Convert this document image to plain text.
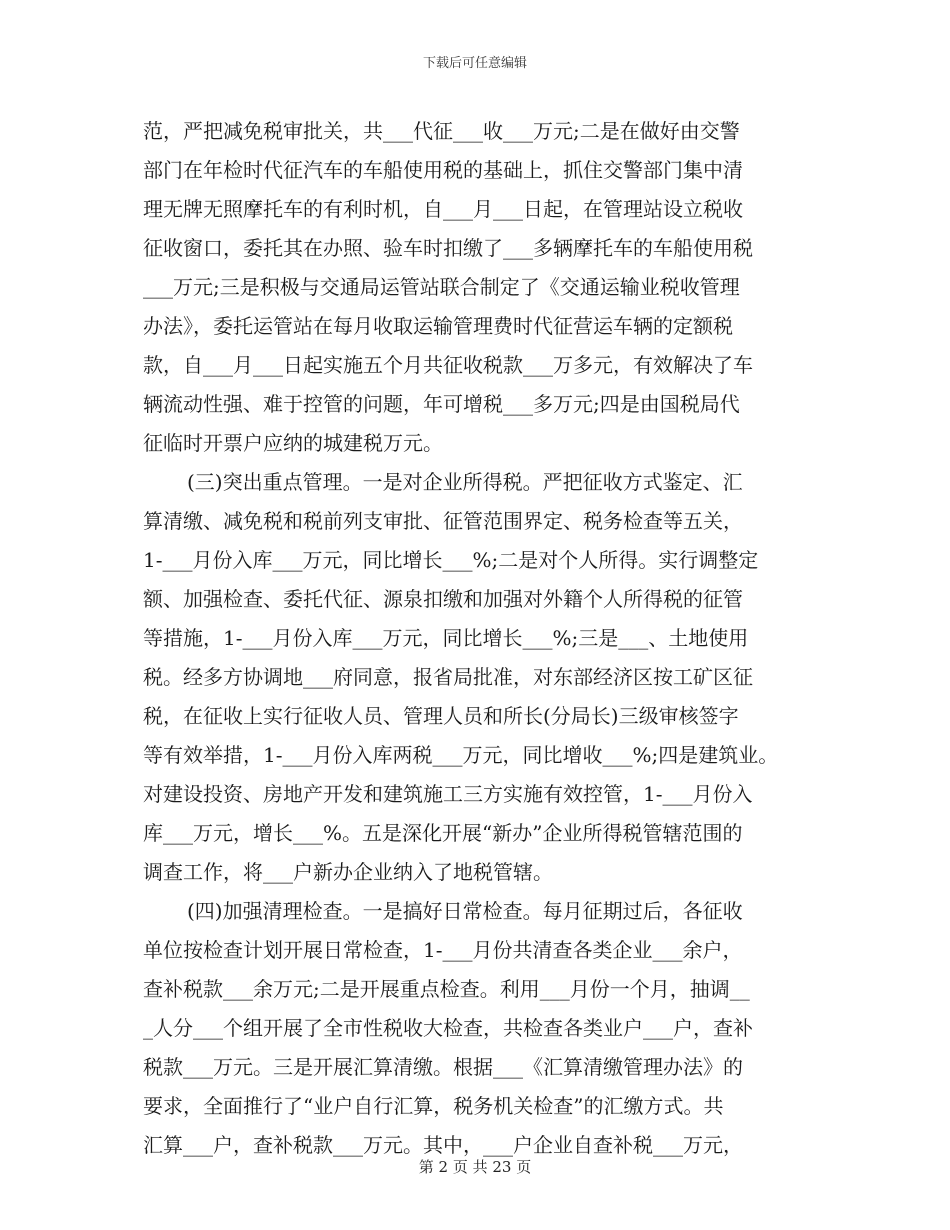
下载后可任意编辑
范，严把减免税审批关，共___代征___收___万元;二是在做好由交警
部门在年检时代征汽车的车船使用税的基础上，抓住交警部门集中清
理无牌无照摩托车的有利时机，自___月___日起，在管理站设立税收
征收窗口，委托其在办照、验车时扣缴了___多辆摩托车的车船使用税
___万元;三是积极与交通局运管站联合制定了《交通运输业税收管理
办法》，委托运管站在每月收取运输管理费时代征营运车辆的定额税
款，自___月___日起实施五个月共征收税款___万多元，有效解决了车
辆流动性强、难于控管的问题，年可增税___多万元;四是由国税局代
征临时开票户应纳的城建税万元。
(三)突出重点管理。一是对企业所得税。严把征收方式鉴定、汇
算清缴、减免税和税前列支审批、征管范围界定、税务检查等五关，
1-___月份入库___万元，同比增长___%;二是对个人所得。实行调整定
额、加强检查、委托代征、源泉扣缴和加强对外籍个人所得税的征管
等措施，1-___月份入库___万元，同比增长___%;三是___、土地使用
税。经多方协调地___府同意，报省局批准，对东部经济区按工矿区征
税，在征收上实行征收人员、管理人员和所长(分局长)三级审核签字
等有效举措，1-___月份入库两税___万元，同比增收___%;四是建筑业。
对建设投资、房地产开发和建筑施工三方实施有效控管，1-___月份入
库___万元，增长___%。五是深化开展“新办”企业所得税管辖范围的
调查工作，将___户新办企业纳入了地税管辖。
(四)加强清理检查。一是搞好日常检查。每月征期过后，各征收
单位按检查计划开展日常检查，1-___月份共清查各类企业___余户，
查补税款___余万元;二是开展重点检查。利用___月份一个月，抽调__
_人分___个组开展了全市性税收大检查，共检查各类业户___户，查补
税款___万元。三是开展汇算清缴。根据___《汇算清缴管理办法》的
要求，全面推行了“业户自行汇算，税务机关检查”的汇缴方式。共
汇算___户，查补税款___万元。其中，___户企业自查补税___万元，
第 2 页 共 23 页
